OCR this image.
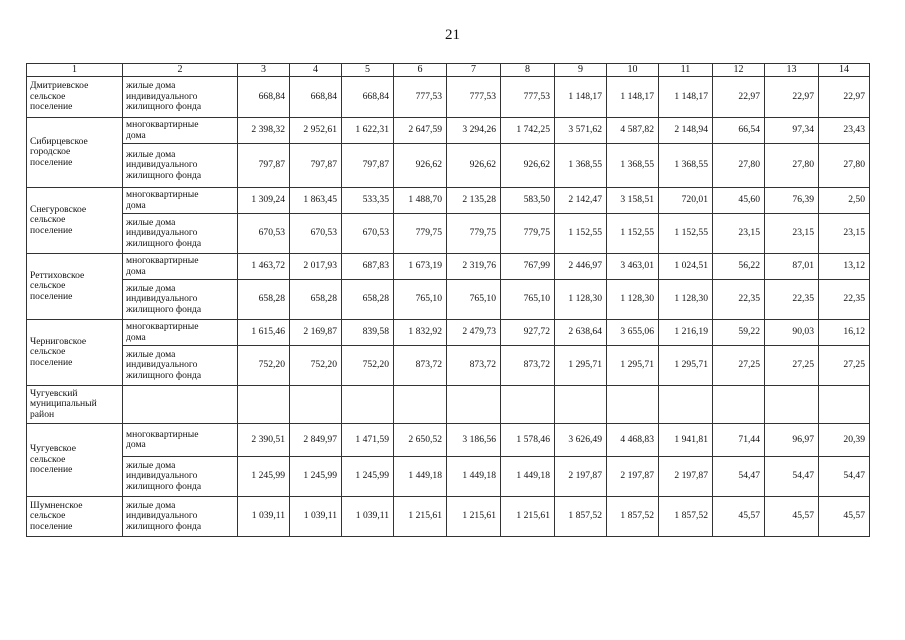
21
1	2	3	4	5	6	7	8	9	10	11	12	13	14
Дмитриевское
сельское
поселение	жилые дома
индивидуального
жилищного фонда	668,84	668,84	668,84	777,53	777,53	777,53	1 148,17	1 148,17	1 148,17	22,97	22,97	22,97
Сибирцевское
городское
поселение	многоквартирные
дома	2 398,32	2 952,61	1 622,31	2 647,59	3 294,26	1 742,25	3 571,62	4 587,82	2 148,94	66,54	97,34	23,43
	жилые дома
индивидуального
жилищного фонда	797,87	797,87	797,87	926,62	926,62	926,62	1 368,55	1 368,55	1 368,55	27,80	27,80	27,80
Снегуровское
сельское
поселение	многоквартирные
дома	1 309,24	1 863,45	533,35	1 488,70	2 135,28	583,50	2 142,47	3 158,51	720,01	45,60	76,39	2,50
	жилые дома
индивидуального
жилищного фонда	670,53	670,53	670,53	779,75	779,75	779,75	1 152,55	1 152,55	1 152,55	23,15	23,15	23,15
Реттиховское
сельское
поселение	многоквартирные
дома	1 463,72	2 017,93	687,83	1 673,19	2 319,76	767,99	2 446,97	3 463,01	1 024,51	56,22	87,01	13,12
	жилые дома
индивидуального
жилищного фонда	658,28	658,28	658,28	765,10	765,10	765,10	1 128,30	1 128,30	1 128,30	22,35	22,35	22,35
Черниговское
сельское
поселение	многоквартирные
дома	1 615,46	2 169,87	839,58	1 832,92	2 479,73	927,72	2 638,64	3 655,06	1 216,19	59,22	90,03	16,12
	жилые дома
индивидуального
жилищного фонда	752,20	752,20	752,20	873,72	873,72	873,72	1 295,71	1 295,71	1 295,71	27,25	27,25	27,25
Чугуевский
муниципальный
район													
Чугуевское
сельское
поселение	многоквартирные
дома	2 390,51	2 849,97	1 471,59	2 650,52	3 186,56	1 578,46	3 626,49	4 468,83	1 941,81	71,44	96,97	20,39
	жилые дома
индивидуального
жилищного фонда	1 245,99	1 245,99	1 245,99	1 449,18	1 449,18	1 449,18	2 197,87	2 197,87	2 197,87	54,47	54,47	54,47
Шумненское
сельское
поселение	жилые дома
индивидуального
жилищного фонда	1 039,11	1 039,11	1 039,11	1 215,61	1 215,61	1 215,61	1 857,52	1 857,52	1 857,52	45,57	45,57	45,57
